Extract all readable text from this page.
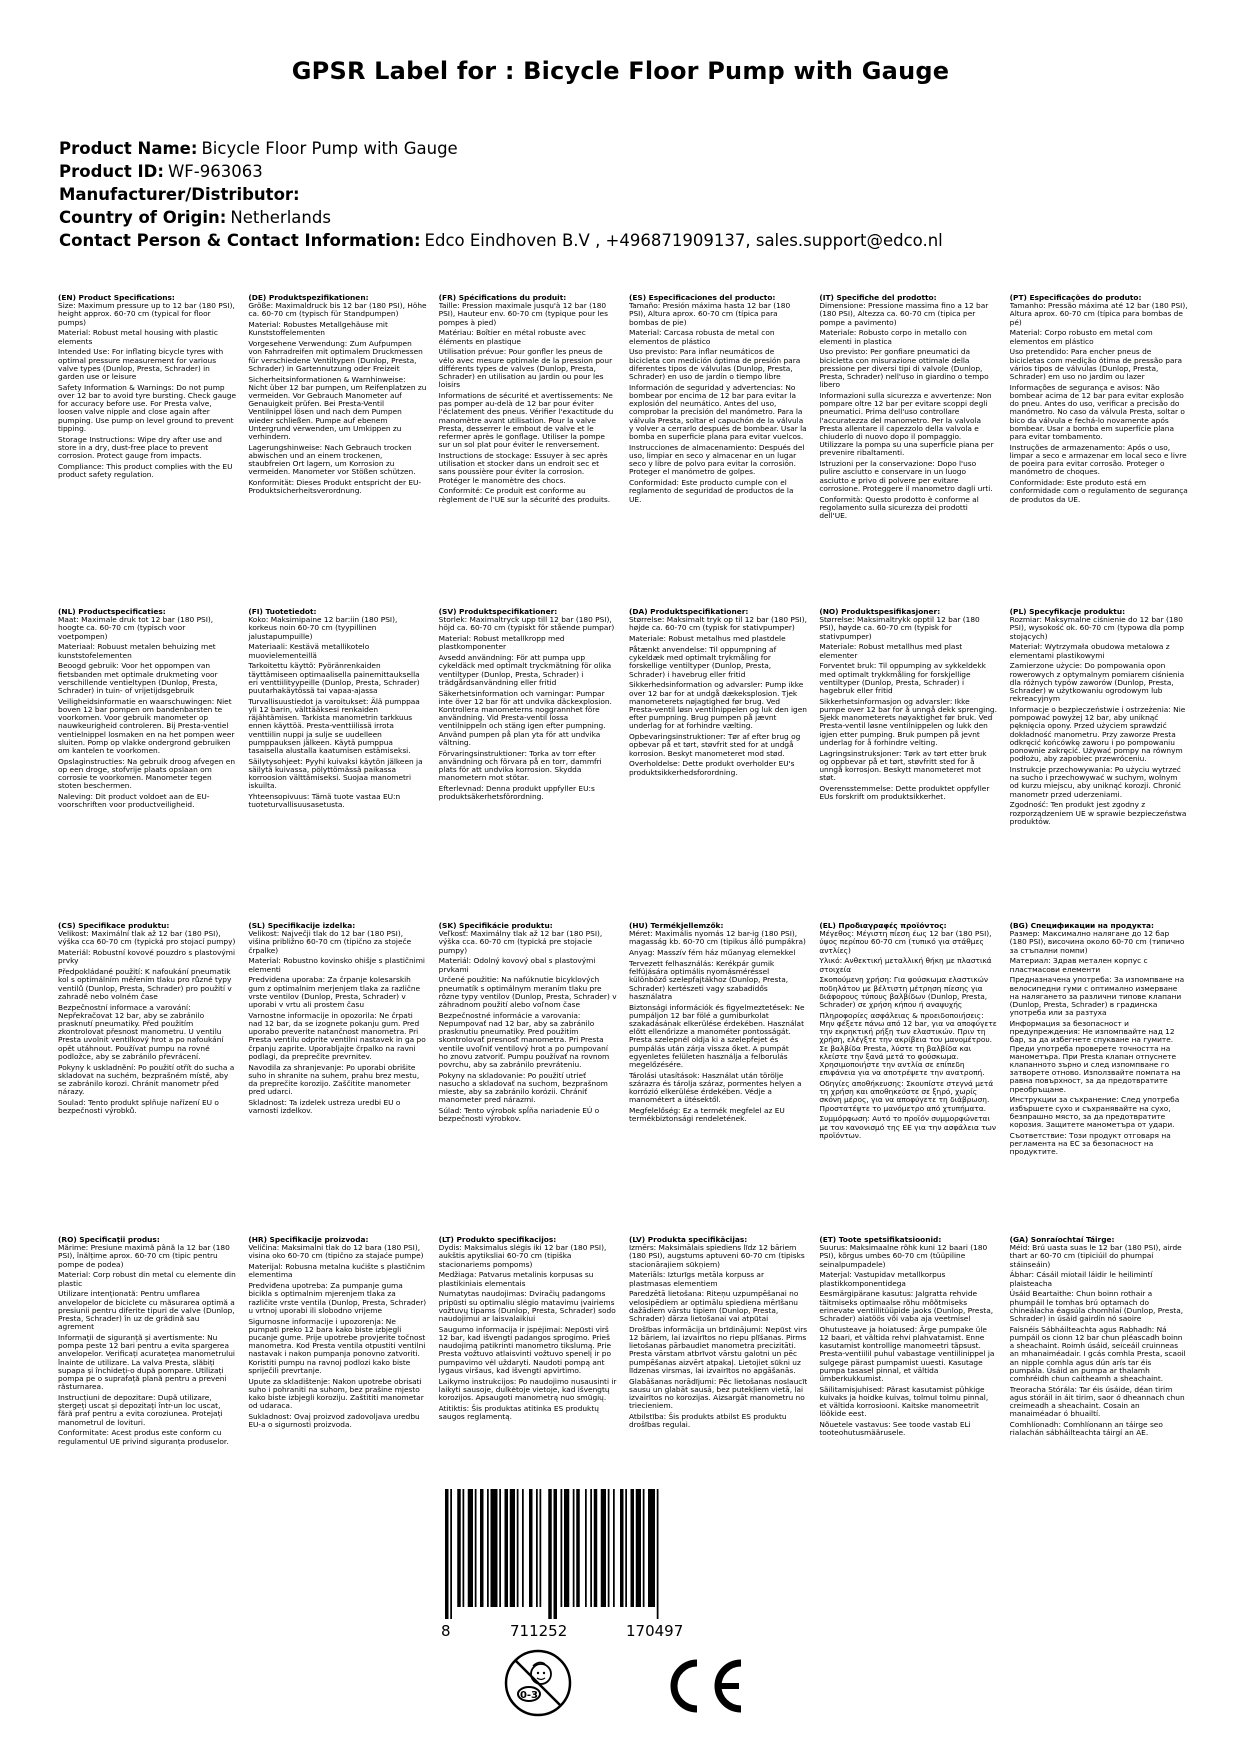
GPSR Label for : Bicycle Floor Pump with Gauge
Product Name: Bicycle Floor Pump with Gauge
Product ID: WF-963063
Manufacturer/Distributor:
Country of Origin: Netherlands
Contact Person & Contact Information: Edco Eindhoven B.V , +496871909137, sales.support@edco.nl
(EN) Product Specifications:

Size: Maximum pressure up to 12 bar (180 PSI), height approx. 60-70 cm (typical for floor pumps)

Material: Robust metal housing with plastic elements

Intended Use: For inflating bicycle tyres with optimal pressure measurement for various valve types (Dunlop, Presta, Schrader) in garden use or leisure

Safety Information & Warnings: Do not pump over 12 bar to avoid tyre bursting. Check gauge for accuracy before use. For Presta valve, loosen valve nipple and close again after pumping. Use pump on level ground to prevent tipping.

Storage Instructions: Wipe dry after use and store in a dry, dust-free place to prevent corrosion. Protect gauge from impacts.

Compliance: This product complies with the EU product safety regulation.

(DE) Produktspezifikationen:

Größe: Maximaldruck bis 12 bar (180 PSI), Höhe ca. 60-70 cm (typisch für Standpumpen)

Material: Robustes Metallgehäuse mit Kunststoffelementen

Vorgesehene Verwendung: Zum Aufpumpen von Fahrradreifen mit optimalem Druckmessen für verschiedene Ventiltypen (Dunlop, Presta, Schrader) in Gartennutzung oder Freizeit

Sicherheitsinformationen & Warnhinweise: Nicht über 12 bar pumpen, um Reifenplatzen zu vermeiden. Vor Gebrauch Manometer auf Genauigkeit prüfen. Bei Presta-Ventil Ventilnippel lösen und nach dem Pumpen wieder schließen. Pumpe auf ebenem Untergrund verwenden, um Umkippen zu verhindern.

Lagerungshinweise: Nach Gebrauch trocken abwischen und an einem trockenen, staubfreien Ort lagern, um Korrosion zu vermeiden. Manometer vor Stößen schützen.

Konformität: Dieses Produkt entspricht der EU-Produktsicherheitsverordnung.

(FR) Spécifications du produit:

Taille: Pression maximale jusqu'à 12 bar (180 PSI), Hauteur env. 60-70 cm (typique pour les pompes à pied)

Matériau: Boîtier en métal robuste avec éléments en plastique

Utilisation prévue: Pour gonfler les pneus de vélo avec mesure optimale de la pression pour différents types de valves (Dunlop, Presta, Schrader) en utilisation au jardin ou pour les loisirs

Informations de sécurité et avertissements: Ne pas pomper au-delà de 12 bar pour éviter l'éclatement des pneus. Vérifier l'exactitude du manomètre avant utilisation. Pour la valve Presta, desserrer le embout de valve et le refermer après le gonflage. Utiliser la pompe sur un sol plat pour éviter le renversement.

Instructions de stockage: Essuyer à sec après utilisation et stocker dans un endroit sec et sans poussière pour éviter la corrosion. Protéger le manomètre des chocs.

Conformité: Ce produit est conforme au règlement de l'UE sur la sécurité des produits.

(ES) Especificaciones del producto:

Tamaño: Presión máxima hasta 12 bar (180 PSI), Altura aprox. 60-70 cm (típica para bombas de pie)

Material: Carcasa robusta de metal con elementos de plástico

Uso previsto: Para inflar neumáticos de bicicleta con medición óptima de presión para diferentes tipos de válvulas (Dunlop, Presta, Schrader) en uso de jardín o tiempo libre

Información de seguridad y advertencias: No bombear por encima de 12 bar para evitar la explosión del neumático. Antes del uso, comprobar la precisión del manómetro. Para la válvula Presta, soltar el capuchón de la válvula y volver a cerrarlo después de bombear. Usar la bomba en superficie plana para evitar vuelcos.

Instrucciones de almacenamiento: Después del uso, limpiar en seco y almacenar en un lugar seco y libre de polvo para evitar la corrosión. Proteger el manómetro de golpes.

Conformidad: Este producto cumple con el reglamento de seguridad de productos de la UE.

(IT) Specifiche del prodotto:

Dimensione: Pressione massima fino a 12 bar (180 PSI), Altezza ca. 60-70 cm (tipica per pompe a pavimento)

Materiale: Robusto corpo in metallo con elementi in plastica

Uso previsto: Per gonfiare pneumatici da bicicletta con misurazione ottimale della pressione per diversi tipi di valvole (Dunlop, Presta, Schrader) nell'uso in giardino o tempo libero

Informazioni sulla sicurezza e avvertenze: Non pompare oltre 12 bar per evitare scoppi degli pneumatici. Prima dell'uso controllare l'accuratezza del manometro. Per la valvola Presta allentare il capezzolo della valvola e chiuderlo di nuovo dopo il pompaggio. Utilizzare la pompa su una superficie piana per prevenire ribaltamenti.

Istruzioni per la conservazione: Dopo l'uso pulire asciutto e conservare in un luogo asciutto e privo di polvere per evitare corrosione. Proteggere il manometro dagli urti.

Conformità: Questo prodotto è conforme al regolamento sulla sicurezza dei prodotti dell'UE.

(PT) Especificações do produto:

Tamanho: Pressão máxima até 12 bar (180 PSI), Altura aprox. 60-70 cm (típica para bombas de pé)

Material: Corpo robusto em metal com elementos em plástico

Uso pretendido: Para encher pneus de bicicletas com medição ótima de pressão para vários tipos de válvulas (Dunlop, Presta, Schrader) em uso no jardim ou lazer

Informações de segurança e avisos: Não bombear acima de 12 bar para evitar explosão do pneu. Antes do uso, verificar a precisão do manómetro. No caso da válvula Presta, soltar o bico da válvula e fechá-lo novamente após bombear. Usar a bomba em superfície plana para evitar tombamento.

Instruções de armazenamento: Após o uso, limpar a seco e armazenar em local seco e livre de poeira para evitar corrosão. Proteger o manómetro de choques.

Conformidade: Este produto está em conformidade com o regulamento de segurança de produtos da UE.

(NL) Productspecificaties:

Maat: Maximale druk tot 12 bar (180 PSI), hoogte ca. 60-70 cm (typisch voor voetpompen)

Materiaal: Robuust metalen behuizing met kunststofelementen

Beoogd gebruik: Voor het oppompen van fietsbanden met optimale drukmeting voor verschillende ventieltypen (Dunlop, Presta, Schrader) in tuin- of vrijetijdsgebruik

Veiligheidsinformatie en waarschuwingen: Niet boven 12 bar pompen om bandenbarsten te voorkomen. Voor gebruik manometer op nauwkeurigheid controleren. Bij Presta-ventiel ventielnippel losmaken en na het pompen weer sluiten. Pomp op vlakke ondergrond gebruiken om kantelen te voorkomen.

Opslaginstructies: Na gebruik droog afvegen en op een droge, stofvrije plaats opslaan om corrosie te voorkomen. Manometer tegen stoten beschermen.

Naleving: Dit product voldoet aan de EU-voorschriften voor productveiligheid.

(FI) Tuotetiedot:

Koko: Maksimipaine 12 bar:iin (180 PSI), korkeus noin 60-70 cm (tyypillinen jalustapumpuille)

Materiaali: Kestävä metallikotelo muovielementeillä

Tarkoitettu käyttö: Pyöränrenkaiden täyttämiseen optimaalisella painemittauksella eri venttiilityypeille (Dunlop, Presta, Schrader) puutarhakäytössä tai vapaa-ajassa

Turvallisuustiedot ja varoitukset: Älä pumppaa yli 12 barin, välttääksesi renkaiden räjähtämisen. Tarkista manometrin tarkkuus ennen käyttöä. Presta-venttiilissä irrota venttiilin nuppi ja sulje se uudelleen pumppauksen jälkeen. Käytä pumppua tasaisella alustalla kaatumisen estämiseksi.

Säilytysohjeet: Pyyhi kuivaksi käytön jälkeen ja säilytä kuivassa, pölyttömässä paikassa korroosion välttämiseksi. Suojaa manometri iskuilta.

Yhteensopivuus: Tämä tuote vastaa EU:n tuoteturvallisuusasetusta.

(SV) Produktspecifikationer:

Storlek: Maximaltryck upp till 12 bar (180 PSI), höjd ca. 60-70 cm (typiskt för stående pumpar)

Material: Robust metallkropp med plastkomponenter

Avsedd användning: För att pumpa upp cykeldäck med optimalt tryckmätning för olika ventiltyper (Dunlop, Presta, Schrader) i trädgårdsanvändning eller fritid

Säkerhetsinformation och varningar: Pumpar inte över 12 bar för att undvika däckexplosion. Kontrollera manometerns noggrannhet före användning. Vid Presta-ventil lossa ventilnippeln och stäng igen efter pumpning. Använd pumpen på plan yta för att undvika vältning.

Förvaringsinstruktioner: Torka av torr efter användning och förvara på en torr, dammfri plats för att undvika korrosion. Skydda manometern mot stötar.

Efterlevnad: Denna produkt uppfyller EU:s produktsäkerhetsförordning.

(DA) Produktspecifikationer:

Størrelse: Maksimalt tryk op til 12 bar (180 PSI), højde ca. 60-70 cm (typisk for stativpumper)

Materiale: Robust metalhus med plastdele

Påtænkt anvendelse: Til oppumpning af cykeldæk med optimalt trykmåling for forskellige ventiltyper (Dunlop, Presta, Schrader) i havebrug eller fritid

Sikkerhedsinformation og advarsler: Pump ikke over 12 bar for at undgå dækeksplosion. Tjek manometerets nøjagtighed før brug. Ved Presta-ventil løsn ventilnippelen og luk den igen efter pumpning. Brug pumpen på jævnt underlag for at forhindre vælting.

Opbevaringsinstruktioner: Tør af efter brug og opbevar på et tørt, støvfrit sted for at undgå korrosion. Beskyt manometeret mod stød.

Overholdelse: Dette produkt overholder EU's produktsikkerhedsforordning.

(NO) Produktspesifikasjoner:

Størrelse: Maksimaltrykk opptil 12 bar (180 PSI), høyde ca. 60-70 cm (typisk for stativpumper)

Materiale: Robust metallhus med plast elementer

Forventet bruk: Til oppumping av sykkeldekk med optimalt trykkmåling for forskjellige ventiltyper (Dunlop, Presta, Schrader) i hagebruk eller fritid

Sikkerhetsinformasjon og advarsler: Ikke pumpe over 12 bar for å unngå dekk sprenging. Sjekk manometerets nøyaktighet før bruk. Ved Presta-ventil løsne ventilnippelen og lukk den igjen etter pumping. Bruk pumpen på jevnt underlag for å forhindre velting.

Lagringsinstruksjoner: Tørk av tørt etter bruk og oppbevar på et tørt, støvfritt sted for å unngå korrosjon. Beskytt manometeret mot støt.

Overensstemmelse: Dette produktet oppfyller EUs forskrift om produktsikkerhet.

(PL) Specyfikacje produktu:

Rozmiar: Maksymalne ciśnienie do 12 bar (180 PSI), wysokość ok. 60-70 cm (typowa dla pomp stojących)

Materiał: Wytrzymała obudowa metalowa z elementami plastikowymi

Zamierzone użycie: Do pompowania opon rowerowych z optymalnym pomiarem ciśnienia dla różnych typów zaworów (Dunlop, Presta, Schrader) w użytkowaniu ogrodowym lub rekreacyjnym

Informacje o bezpieczeństwie i ostrzeżenia: Nie pompować powyżej 12 bar, aby uniknąć pęknięcia opony. Przed użyciem sprawdzić dokładność manometru. Przy zaworze Presta odkręcić końcówkę zaworu i po pompowaniu ponownie zakręcić. Używać pompy na równym podłożu, aby zapobiec przewróceniu.

Instrukcje przechowywania: Po użyciu wytrzeć na sucho i przechowywać w suchym, wolnym od kurzu miejscu, aby uniknąć korozji. Chronić manometr przed uderzeniami.

Zgodność: Ten produkt jest zgodny z rozporządzeniem UE w sprawie bezpieczeństwa produktów.

(CS) Specifikace produktu:

Velikost: Maximální tlak až 12 bar (180 PSI), výška cca 60-70 cm (typická pro stojací pumpy)

Materiál: Robustní kovové pouzdro s plastovými prvky

Předpokládané použití: K nafoukání pneumatik kol s optimálním měřením tlaku pro různé typy ventilů (Dunlop, Presta, Schrader) pro použití v zahradě nebo volném čase

Bezpečnostní informace a varování: Nepřekračovat 12 bar, aby se zabránilo prasknutí pneumatiky. Před použitím zkontrolovat přesnost manometru. U ventilu Presta uvolnit ventilkový hrot a po nafoukání opět utáhnout. Používat pumpu na rovné podložce, aby se zabránilo převrácení.

Pokyny k uskladnění: Po použití otřít do sucha a skladovat na suchém, bezprašném místě, aby se zabránilo korozi. Chránit manometr před nárazy.

Soulad: Tento produkt splňuje nařízení EU o bezpečnosti výrobků.

(SL) Specifikacije izdelka:

Velikost: Največji tlak do 12 bar (180 PSI), višina približno 60-70 cm (tipično za stoječe črpalke)

Material: Robustno kovinsko ohišje s plastičnimi elementi

Predvidena uporaba: Za črpanje kolesarskih gum z optimalnim merjenjem tlaka za različne vrste ventilov (Dunlop, Presta, Schrader) v uporabi v vrtu ali prostem času

Varnostne informacije in opozorila: Ne črpati nad 12 bar, da se izognete pokanju gum. Pred uporabo preverite natančnost manometra. Pri Presta ventilu odprite ventilni nastavek in ga po črpanju zaprite. Uporabljajte črpalko na ravni podlagi, da preprečite prevrnitev.

Navodila za shranjevanje: Po uporabi obrišite suho in shranite na suhem, prahu brez mestu, da preprečite korozijo. Zaščitite manometer pred udarci.

Skladnost: Ta izdelek ustreza uredbi EU o varnosti izdelkov.

(SK) Špecifikácie produktu:

Veľkosť: Maximálny tlak až 12 bar (180 PSI), výška cca. 60-70 cm (typická pre stojacie pumpy)

Materiál: Odolný kovový obal s plastovými prvkami

Určené použitie: Na nafúknutie bicyklových pneumatík s optimálnym meraním tlaku pre rôzne typy ventilov (Dunlop, Presta, Schrader) v záhradnom použití alebo voľnom čase

Bezpečnostné informácie a varovania: Nepumpovať nad 12 bar, aby sa zabránilo prasknutiu pneumatiky. Pred použitím skontrolovať presnosť manometra. Pri Presta ventile uvoľniť ventilový hrot a po pumpovaní ho znovu zatvoriť. Pumpu používať na rovnom povrchu, aby sa zabránilo prevráteniu.

Pokyny na skladovanie: Po použití utrieť nasucho a skladovať na suchom, bezprašnom mieste, aby sa zabránilo korózii. Chrániť manometer pred nárazmi.

Súlad: Tento výrobok spĺňa nariadenie EÚ o bezpečnosti výrobkov.

(HU) Termékjellemzők:

Méret: Maximális nyomás 12 bar-ig (180 PSI), magasság kb. 60-70 cm (tipikus álló pumpákra)

Anyag: Masszív fém ház műanyag elemekkel

Tervezett felhasználás: Kerékpár gumik felfújására optimális nyomásméréssel különböző szelepfajtákhoz (Dunlop, Presta, Schrader) kertészeti vagy szabadidős használatra

Biztonsági információk és figyelmeztetések: Ne pumpáljon 12 bar fölé a gumiburkolat szakadásának elkerülése érdekében. Használat előtt ellenőrizze a manométer pontosságát. Presta szelepnél oldja ki a szelepfejet és pumpálás után zárja vissza őket. A pumpát egyenletes felületen használja a felborulás megelőzésére.

Tárolási utasítások: Használat után törölje szárazra és tárolja száraz, pormentes helyen a korrózió elkerülése érdekében. Védje a manométert a ütésektől.

Megfelelőség: Ez a termék megfelel az EU termékbiztonsági rendeletének.

(EL) Προδιαγραφές προϊόντος:

Μέγεθος: Μέγιστη πίεση έως 12 bar (180 PSI), ύψος περίπου 60-70 cm (τυπικό για στάθμες αντλίες)

Υλικό: Ανθεκτική μεταλλική θήκη με πλαστικά στοιχεία

Σκοπούμενη χρήση: Για φούσκωμα ελαστικών ποδηλάτου με βέλτιστη μέτρηση πίεσης για διάφορους τύπους βαλβίδων (Dunlop, Presta, Schrader) σε χρήση κήπου ή αναψυχής

Πληροφορίες ασφάλειας & προειδοποιήσεις: Μην φέξετε πάνω από 12 bar, για να αποφύγετε την εκρηκτική ρήξη των ελαστικών. Πριν τη χρήση, ελέγξτε την ακρίβεια του μανομέτρου. Σε βαλβίδα Presta, λύστε τη βαλβίδα και κλείστε την ξανά μετά το φούσκωμα. Χρησιμοποιήστε την αντλία σε επίπεδη επιφάνεια για να αποτρέψετε την ανατροπή.

Οδηγίες αποθήκευσης: Σκουπίστε στεγνά μετά τη χρήση και αποθηκεύστε σε ξηρό, χωρίς σκόνη μέρος, για να αποφύγετε τη διάβρωση. Προστατέψτε το μανόμετρο από χτυπήματα.

Συμμόρφωση: Αυτό το προϊόν συμμορφώνεται με τον κανονισμό της ΕΕ για την ασφάλεια των προϊόντων.

(BG) Спецификации на продукта:

Размер: Максимално налягане до 12 бар (180 PSI), височина около 60-70 cm (типично за стъпални помпи)

Материал: Здрав метален корпус с пластмасови елементи

Предназначена употреба: За изпомпване на велосипедни гуми с оптимално измерване на налягането за различни типове клапани (Dunlop, Presta, Schrader) в градинска употреба или за разтуха

Информация за безопасност и предупреждения: Не изпомпвайте над 12 бар, за да избегнете спукване на гумите. Преди употреба проверете точността на манометъра. При Presta клапан отпуснете клапанното зърно и след изпомпване го затворете отново. Използвайте помпата на равна повърхност, за да предотвратите преобръщане.

Инструкции за съхранение: След употреба избършете сухо и съхранявайте на сухо, безпрашно място, за да предотвратите корозия. Защитете манометъра от удари.

Съответствие: Този продукт отговаря на регламента на ЕС за безопасност на продуктите.

(RO) Specificații produs:

Mărime: Presiune maximă până la 12 bar (180 PSI), înălțime aprox. 60-70 cm (tipic pentru pompe de podea)

Material: Corp robust din metal cu elemente din plastic

Utilizare intenționată: Pentru umflarea anvelopelor de biciclete cu măsurarea optimă a presiunii pentru diferite tipuri de valve (Dunlop, Presta, Schrader) în uz de grădină sau agrement

Informații de siguranță și avertismente: Nu pompa peste 12 bari pentru a evita spargerea anvelopelor. Verificați acuratețea manometrului înainte de utilizare. La valva Presta, slăbiți supapa și închideți-o după pompare. Utilizați pompa pe o suprafață plană pentru a preveni răsturnarea.

Instrucțiuni de depozitare: După utilizare, ștergeți uscat și depozitați într-un loc uscat, fără praf pentru a evita coroziunea. Protejați manometrul de lovituri.

Conformitate: Acest produs este conform cu regulamentul UE privind siguranța produselor.

(HR) Specifikacije proizvoda:

Veličina: Maksimalni tlak do 12 bara (180 PSI), visina oko 60-70 cm (tipično za stajaće pumpe)

Materijal: Robusna metalna kućište s plastičnim elementima

Predviđena upotreba: Za pumpanje guma bicikla s optimalnim mjerenjem tlaka za različite vrste ventila (Dunlop, Presta, Schrader) u vrtnoj uporabi ili slobodno vrijeme

Sigurnosne informacije i upozorenja: Ne pumpati preko 12 bara kako biste izbjegli pucanje gume. Prije upotrebe provjerite točnost manometra. Kod Presta ventila otpustiti ventilni nastavak i nakon pumpanja ponovno zatvoriti. Koristiti pumpu na ravnoj podlozi kako biste spriječili prevrtanje.

Upute za skladištenje: Nakon upotrebe obrisati suho i pohraniti na suhom, bez prašine mjesto kako biste izbjegli koroziju. Zaštititi manometar od udaraca.

Sukladnost: Ovaj proizvod zadovoljava uredbu EU-a o sigurnosti proizvoda.

(LT) Produkto specifikacijos:

Dydis: Maksimalus slėgis iki 12 bar (180 PSI), aukštis apytiksliai 60-70 cm (tipiška stacionariems pompoms)

Medžiaga: Patvarus metalinis korpusas su plastikiniais elementais

Numatytas naudojimas: Dviračių padangoms pripūsti su optimaliu slėgio matavimu įvairiems vožtuvų tipams (Dunlop, Presta, Schrader) sodo naudojimui ar laisvalaikiui

Saugumo informacija ir įspėjimai: Nepūsti virš 12 bar, kad išvengti padangos sprogimo. Prieš naudojimą patikrinti manometro tikslumą. Prie Presta vožtuvo atlaisvinti vožtuvo spenelį ir po pumpavimo vėl uždaryti. Naudoti pompą ant lygaus viršaus, kad išvengti apvirtimo.

Laikymo instrukcijos: Po naudojimo nusausinti ir laikyti sausoje, dulkėtoje vietoje, kad išvengtų korozijos. Apsaugoti manometrą nuo smūgių.

Atitiktis: Šis produktas atitinka ES produktų saugos reglamentą.

(LV) Produkta specifikācijas:

Izmērs: Maksimālais spiediens līdz 12 bāriem (180 PSI), augstums aptuveni 60-70 cm (tipisks stacionārajiem sūkņiem)

Materiāls: Izturīgs metāla korpuss ar plastmasas elementiem

Paredzētā lietošana: Riteņu uzpumpēšanai no velosipēdiem ar optimālu spiediena mērīšanu dažādiem vārstu tipiem (Dunlop, Presta, Schrader) dārza lietošanai vai atpūtai

Drošības informācija un brīdinājumi: Nepūst virs 12 bāriem, lai izvairītos no riepu plīšanas. Pirms lietošanas pārbaudiet manometra precizitāti. Presta vārstam atbrīvot vārstu galotni un pēc pumpēšanas aizvērt atpakaļ. Lietojiet sūkni uz līdzenas virsmas, lai izvairītos no apgāšanās.

Glabāšanas norādījumi: Pēc lietošanas noslaucīt sausu un glabāt sausā, bez putekļiem vietā, lai izvairītos no korozijas. Aizsargāt manometru no triecieniem.

Atbilstība: Šis produkts atbilst ES produktu drošības regulai.

(ET) Toote spetsifikatsioonid:

Suurus: Maksimaalne rõhk kuni 12 baari (180 PSI), kõrgus umbes 60-70 cm (tüüpiline seinalpumpadele)

Materjal: Vastupidav metallkorpus plastikkomponentidega

Eesmärgipärane kasutus: Jalgratta rehvide täitmiseks optimaalse rõhu mõõtmiseks erinevate ventiilitüüpide jaoks (Dunlop, Presta, Schrader) aiatöös või vaba aja veetmisel

Ohutusteave ja hoiatused: Ärge pumpake üle 12 baari, et vältida rehvi plahvatamist. Enne kasutamist kontrollige manomeetri täpsust. Presta-ventiilil puhul vabastage ventiilinippel ja sulgege pärast pumpamist uuesti. Kasutage pumpa tasasel pinnal, et vältida ümberkukkumist.

Säilitamisjuhised: Pärast kasutamist pühkige kuivaks ja hoidke kuivas, tolmuI tolmu pinnal, et vältida korrosiooni. Kaitske manomeetrit löökide eest.

Nõuetele vastavus: See toode vastab ELi tooteohutusmäärusele.

(GA) Sonraíochtaí Táirge:

Méid: Brú uasta suas le 12 bar (180 PSI), airde thart ar 60-70 cm (tipiciúil do phumpaí stáinseáin)

Ábhar: Cásáil miotail láidir le heilimintí plaisteacha

Úsáid Beartaithe: Chun boinn rothair a phumpáil le tomhas brú optamach do chineálacha éagsúla chomhlaí (Dunlop, Presta, Schrader) in úsáid gairdín nó saoire

Faisnéis Sábháilteachta agus Rabhadh: Ná pumpáil os cionn 12 bar chun pléascadh boinn a sheachaint. Roimh úsáid, seiceáil cruinneas an mhanaiméadair. I gcás comhla Presta, scaoil an nipple comhla agus dún arís tar éis pumpála. Úsáid an pumpa ar thalamh comhréidh chun caitheamh a sheachaint.

Treoracha Stórála: Tar éis úsáide, déan tirim agus stóráil in áit tirim, saor ó dheannach chun creimeadh a sheachaint. Cosain an manaiméadar ó bhuailtí.

Comhlíonadh: Comhlíonann an táirge seo rialachán sábháilteachta táirgí an AE.

8	711252	170497
0-3
